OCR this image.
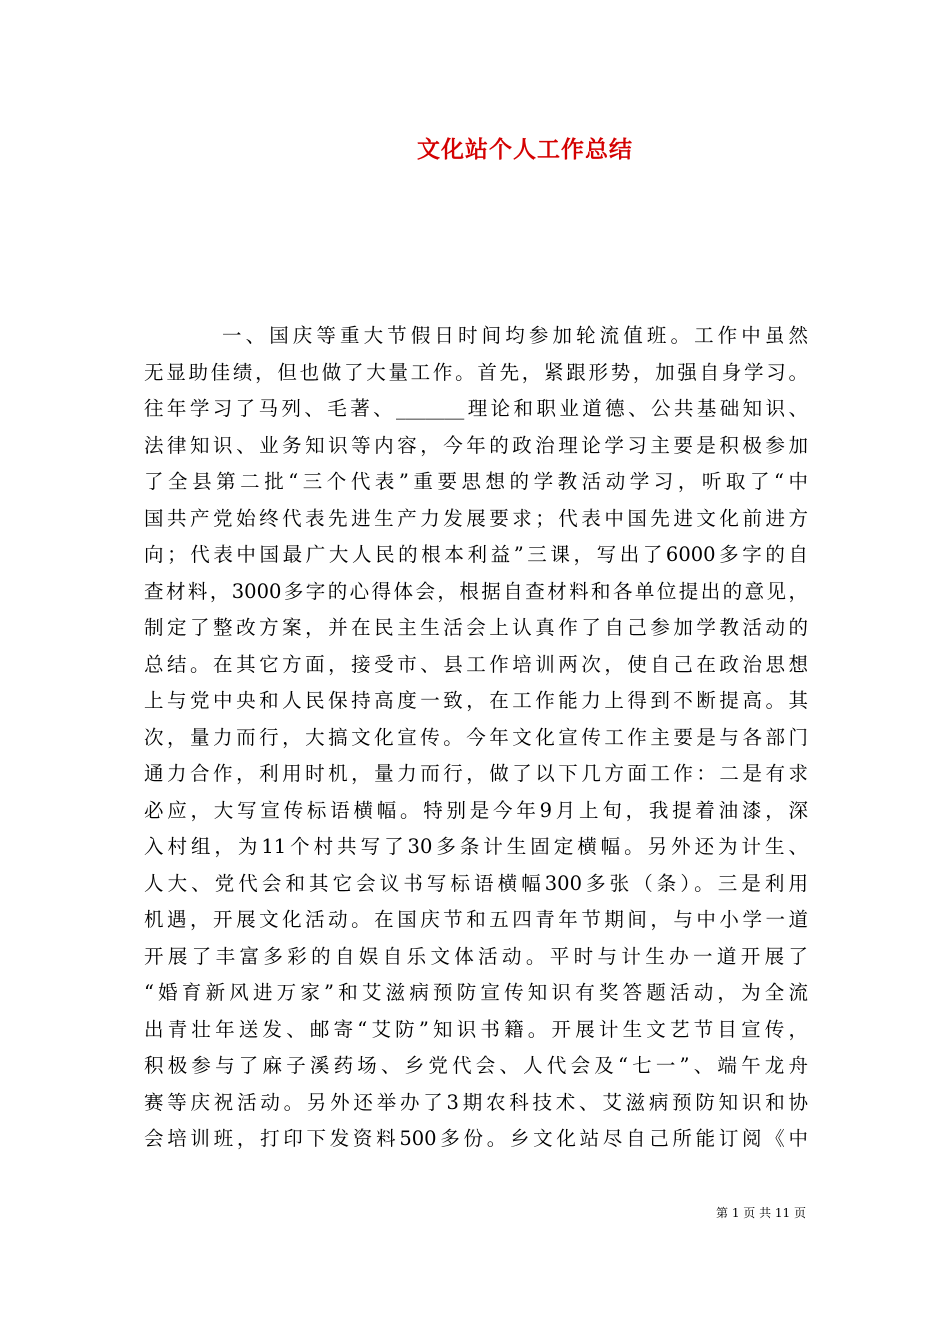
文化站个人工作总结
一、国庆等重大节假日时间均参加轮流值班。工作中虽然
无显助佳绩，但也做了大量工作。首先，紧跟形势，加强自身学习。
往年学习了马列、毛著、_______理论和职业道德、公共基础知识、
法律知识、业务知识等内容，今年的政治理论学习主要是积极参加
了全县第二批“三个代表”重要思想的学教活动学习，听取了“中
国共产党始终代表先进生产力发展要求；代表中国先进文化前进方
向；代表中国最广大人民的根本利益”三课，写出了6000多字的自
查材料，3000多字的心得体会，根据自查材料和各单位提出的意见，
制定了整改方案，并在民主生活会上认真作了自己参加学教活动的
总结。在其它方面，接受市、县工作培训两次，使自己在政治思想
上与党中央和人民保持高度一致，在工作能力上得到不断提高。其
次，量力而行，大搞文化宣传。今年文化宣传工作主要是与各部门
通力合作，利用时机，量力而行，做了以下几方面工作：二是有求
必应，大写宣传标语横幅。特别是今年9月上旬，我提着油漆，深
入村组，为11个村共写了30多条计生固定横幅。另外还为计生、
人大、党代会和其它会议书写标语横幅300多张（条）。三是利用
机遇，开展文化活动。在国庆节和五四青年节期间，与中小学一道
开展了丰富多彩的自娱自乐文体活动。平时与计生办一道开展了
“婚育新风进万家”和艾滋病预防宣传知识有奖答题活动，为全流
出青壮年送发、邮寄“艾防”知识书籍。开展计生文艺节目宣传，
积极参与了麻子溪药场、乡党代会、人代会及“七一”、端午龙舟
赛等庆祝活动。另外还举办了3期农科技术、艾滋病预防知识和协
会培训班，打印下发资料500多份。乡文化站尽自己所能订阅《中
第 1 页 共 11 页
